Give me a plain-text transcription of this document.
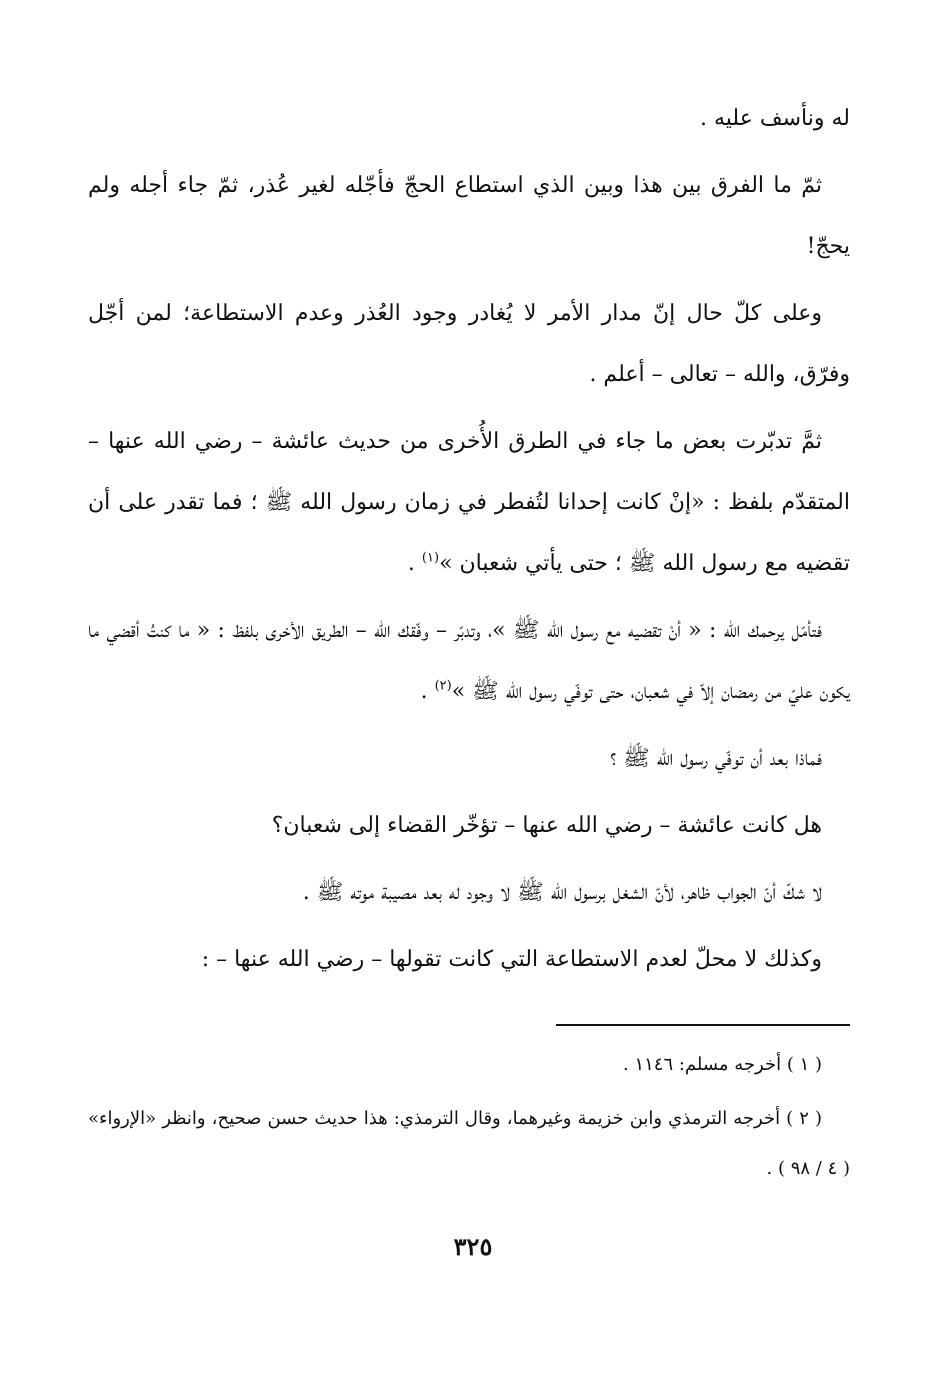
له ونأسف عليه .

ثمّ ما الفرق بين هذا وبين الذي استطاع الحجّ فأجّله لغير عُذر، ثمّ جاء أجله ولم يحجّ!

وعلى كلّ حال إنّ مدار الأمر لا يُغادر وجود العُذر وعدم الاستطاعة؛ لمن أجّل وفرّق، والله – تعالى – أعلم .

ثمَّ تدبّرت بعض ما جاء في الطرق الأُخرى من حديث عائشة – رضي الله عنها – المتقدّم بلفظ : «إنْ كانت إحدانا لتُفطر في زمان رسول الله ﷺ ؛ فما تقدر على أن تقضيه مع رسول الله ﷺ ؛ حتى يأتي شعبان »$^{(١)}$ .

فتأمّل يرحمك الله : « أنْ تقضيه مع رسول الله ﷺ »، وتدبّر – وفّقك الله – الطريق الأخرى بلفظ : « ما كنتُ أقضي ما يكون عليّ من رمضان إلاّ في شعبان، حتى توفّي رسول الله ﷺ »$^{(٢)}$ .

فماذا بعد أن توفّي رسول الله ﷺ ؟

هل كانت عائشة – رضي الله عنها – تؤخّر القضاء إلى شعبان؟

لا شكّ أنّ الجواب ظاهر، لأنّ الشغل برسول الله ﷺ لا وجود له بعد مصيبة موته ﷺ .

وكذلك لا محلّ لعدم الاستطاعة التي كانت تقولها – رضي الله عنها – :

( ١ ) أخرجه مسلم: ١١٤٦ .

( ٢ ) أخرجه الترمذي وابن خزيمة وغيرهما، وقال الترمذي: هذا حديث حسن صحيح، وانظر «الإرواء» ( ٤ / ٩٨ ) .

٣٢٥
